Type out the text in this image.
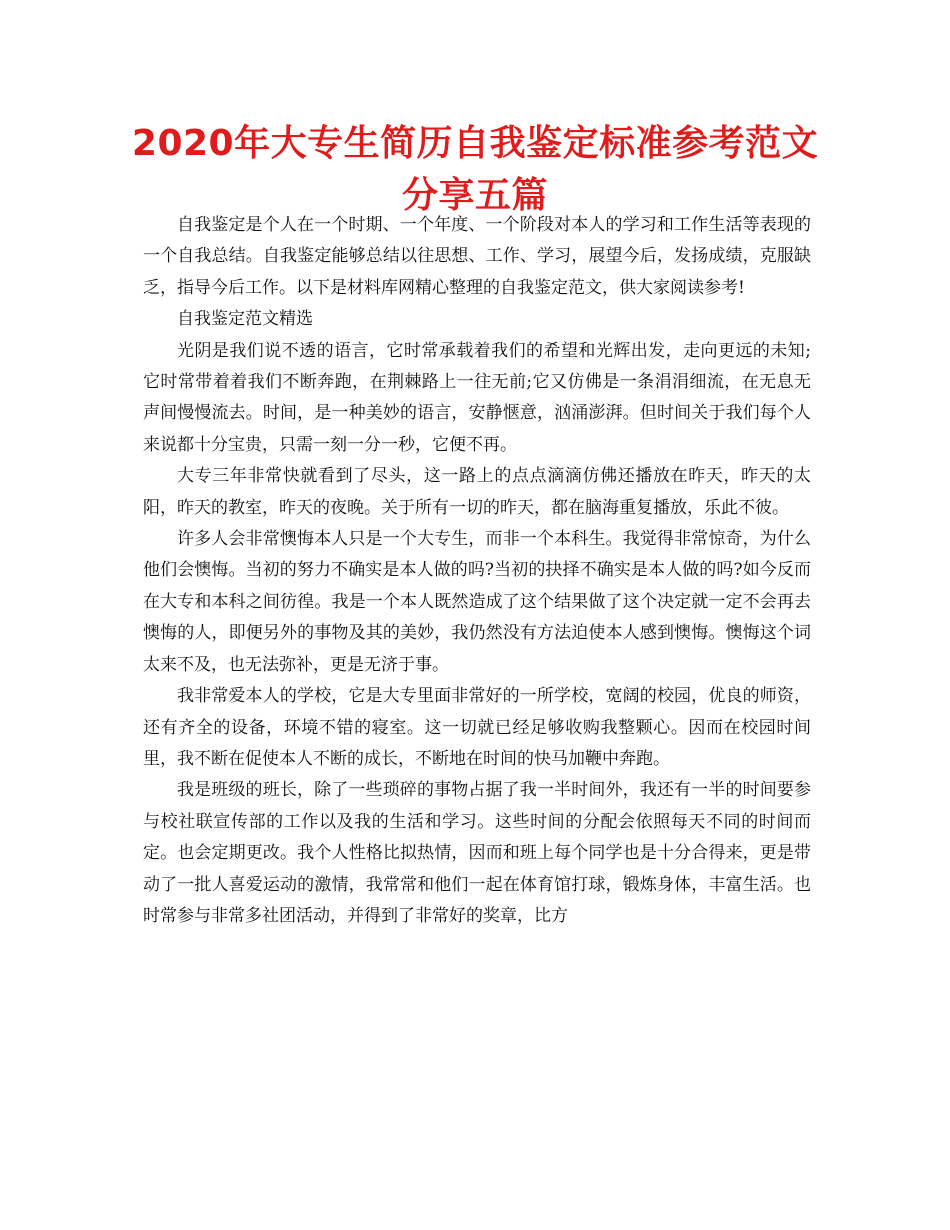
2020年大专生简历自我鉴定标准参考范文分享五篇

自我鉴定是个人在一个时期、一个年度、一个阶段对本人的学习和工作生活等表现的一个自我总结。自我鉴定能够总结以往思想、工作、学习，展望今后，发扬成绩，克服缺乏，指导今后工作。以下是材料库网精心整理的自我鉴定范文，供大家阅读参考!

自我鉴定范文精选

光阴是我们说不透的语言，它时常承载着我们的希望和光辉出发，走向更远的未知;它时常带着着我们不断奔跑，在荆棘路上一往无前;它又仿佛是一条涓涓细流，在无息无声间慢慢流去。时间，是一种美妙的语言，安静惬意，汹涌澎湃。但时间关于我们每个人来说都十分宝贵，只需一刻一分一秒，它便不再。

大专三年非常快就看到了尽头，这一路上的点点滴滴仿佛还播放在昨天，昨天的太阳，昨天的教室，昨天的夜晚。关于所有一切的昨天，都在脑海重复播放，乐此不彼。

许多人会非常懊悔本人只是一个大专生，而非一个本科生。我觉得非常惊奇，为什么他们会懊悔。当初的努力不确实是本人做的吗?当初的抉择不确实是本人做的吗?如今反而在大专和本科之间彷徨。我是一个本人既然造成了这个结果做了这个决定就一定不会再去懊悔的人，即便另外的事物及其的美妙，我仍然没有方法迫使本人感到懊悔。懊悔这个词太来不及，也无法弥补，更是无济于事。

我非常爱本人的学校，它是大专里面非常好的一所学校，宽阔的校园，优良的师资，还有齐全的设备，环境不错的寝室。这一切就已经足够收购我整颗心。因而在校园时间里，我不断在促使本人不断的成长，不断地在时间的快马加鞭中奔跑。

我是班级的班长，除了一些琐碎的事物占据了我一半时间外，我还有一半的时间要参与校社联宣传部的工作以及我的生活和学习。这些时间的分配会依照每天不同的时间而定。也会定期更改。我个人性格比拟热情，因而和班上每个同学也是十分合得来，更是带动了一批人喜爱运动的激情，我常常和他们一起在体育馆打球，锻炼身体，丰富生活。也时常参与非常多社团活动，并得到了非常好的奖章，比方
